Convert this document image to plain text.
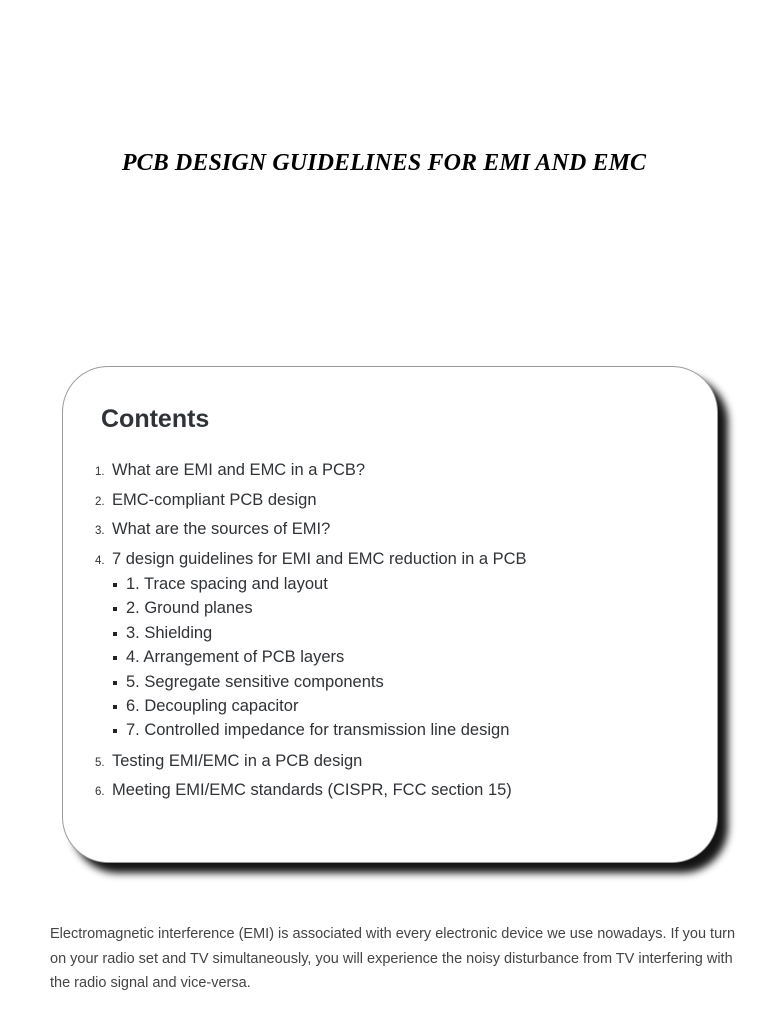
PCB DESIGN GUIDELINES FOR EMI AND EMC
Contents
1. What are EMI and EMC in a PCB?
2. EMC-compliant PCB design
3. What are the sources of EMI?
4. 7 design guidelines for EMI and EMC reduction in a PCB
1. Trace spacing and layout
2. Ground planes
3. Shielding
4. Arrangement of PCB layers
5. Segregate sensitive components
6. Decoupling capacitor
7. Controlled impedance for transmission line design
5. Testing EMI/EMC in a PCB design
6. Meeting EMI/EMC standards (CISPR, FCC section 15)

Electromagnetic interference (EMI) is associated with every electronic device we use nowadays. If you turn on your radio set and TV simultaneously, you will experience the noisy disturbance from TV interfering with the radio signal and vice-versa.
